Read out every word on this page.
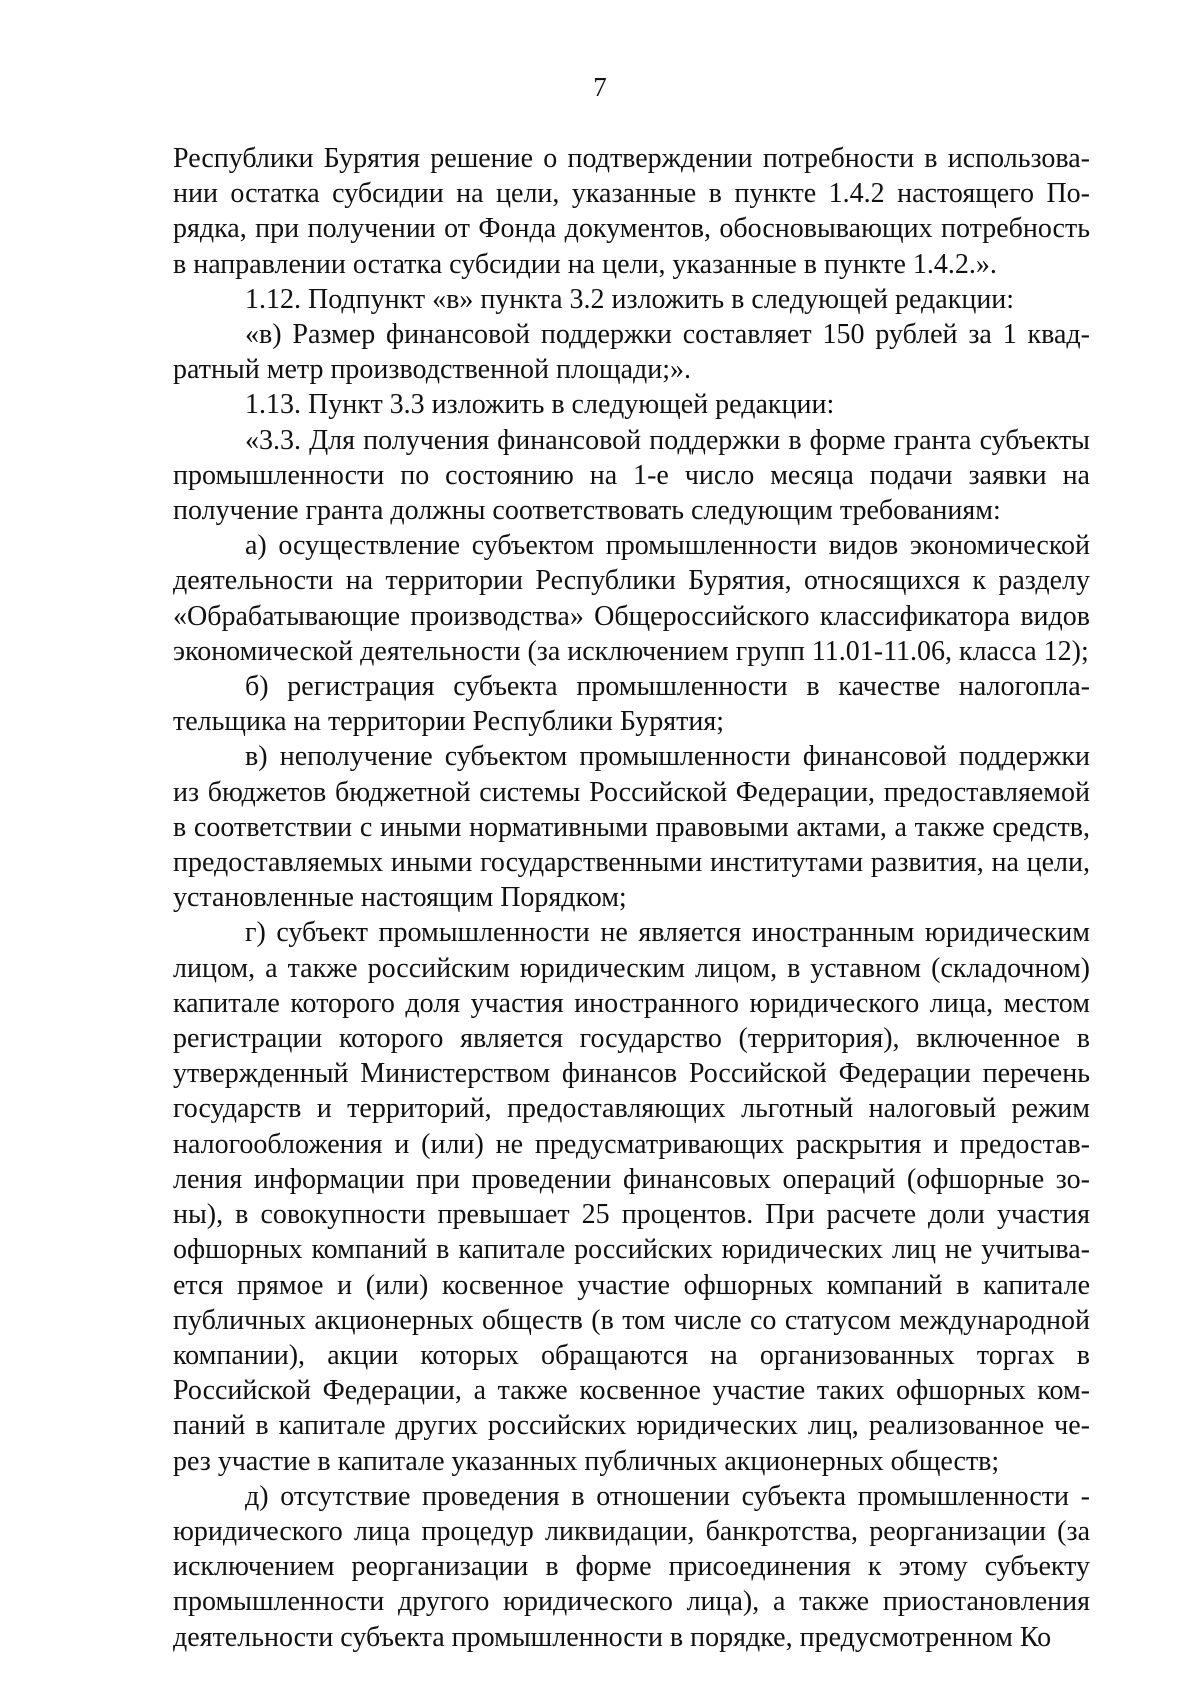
7

Республики Бурятия решение о подтверждении потребности в использовании остатка субсидии на цели, указанные в пункте 1.4.2 настоящего Порядка, при получении от Фонда документов, обосновывающих потребность в направлении остатка субсидии на цели, указанные в пункте 1.4.2.».

1.12. Подпункт «в» пункта 3.2 изложить в следующей редакции:

«в) Размер финансовой поддержки составляет 150 рублей за 1 квадратный метр производственной площади;».

1.13. Пункт 3.3 изложить в следующей редакции:

«3.3. Для получения финансовой поддержки в форме гранта субъекты промышленности по состоянию на 1-е число месяца подачи заявки на получение гранта должны соответствовать следующим требованиям:

а) осуществление субъектом промышленности видов экономической деятельности на территории Республики Бурятия, относящихся к разделу «Обрабатывающие производства» Общероссийского классификатора видов экономической деятельности (за исключением групп 11.01-11.06, класса 12);

б) регистрация субъекта промышленности в качестве налогоплательщика на территории Республики Бурятия;

в) неполучение субъектом промышленности финансовой поддержки из бюджетов бюджетной системы Российской Федерации, предоставляемой в соответствии с иными нормативными правовыми актами, а также средств, предоставляемых иными государственными институтами развития, на цели, установленные настоящим Порядком;

г) субъект промышленности не является иностранным юридическим лицом, а также российским юридическим лицом, в уставном (складочном) капитале которого доля участия иностранного юридического лица, местом регистрации которого является государство (территория), включенное в утвержденный Министерством финансов Российской Федерации перечень государств и территорий, предоставляющих льготный налоговый режим налогообложения и (или) не предусматривающих раскрытия и предоставления информации при проведении финансовых операций (офшорные зоны), в совокупности превышает 25 процентов. При расчете доли участия офшорных компаний в капитале российских юридических лиц не учитывается прямое и (или) косвенное участие офшорных компаний в капитале публичных акционерных обществ (в том числе со статусом международной компании), акции которых обращаются на организованных торгах в Российской Федерации, а также косвенное участие таких офшорных компаний в капитале других российских юридических лиц, реализованное через участие в капитале указанных публичных акционерных обществ;

д) отсутствие проведения в отношении субъекта промышленности - юридического лица процедур ликвидации, банкротства, реорганизации (за исключением реорганизации в форме присоединения к этому субъекту промышленности другого юридического лица), а также приостановления деятельности субъекта промышленности в порядке, предусмотренном Ко
